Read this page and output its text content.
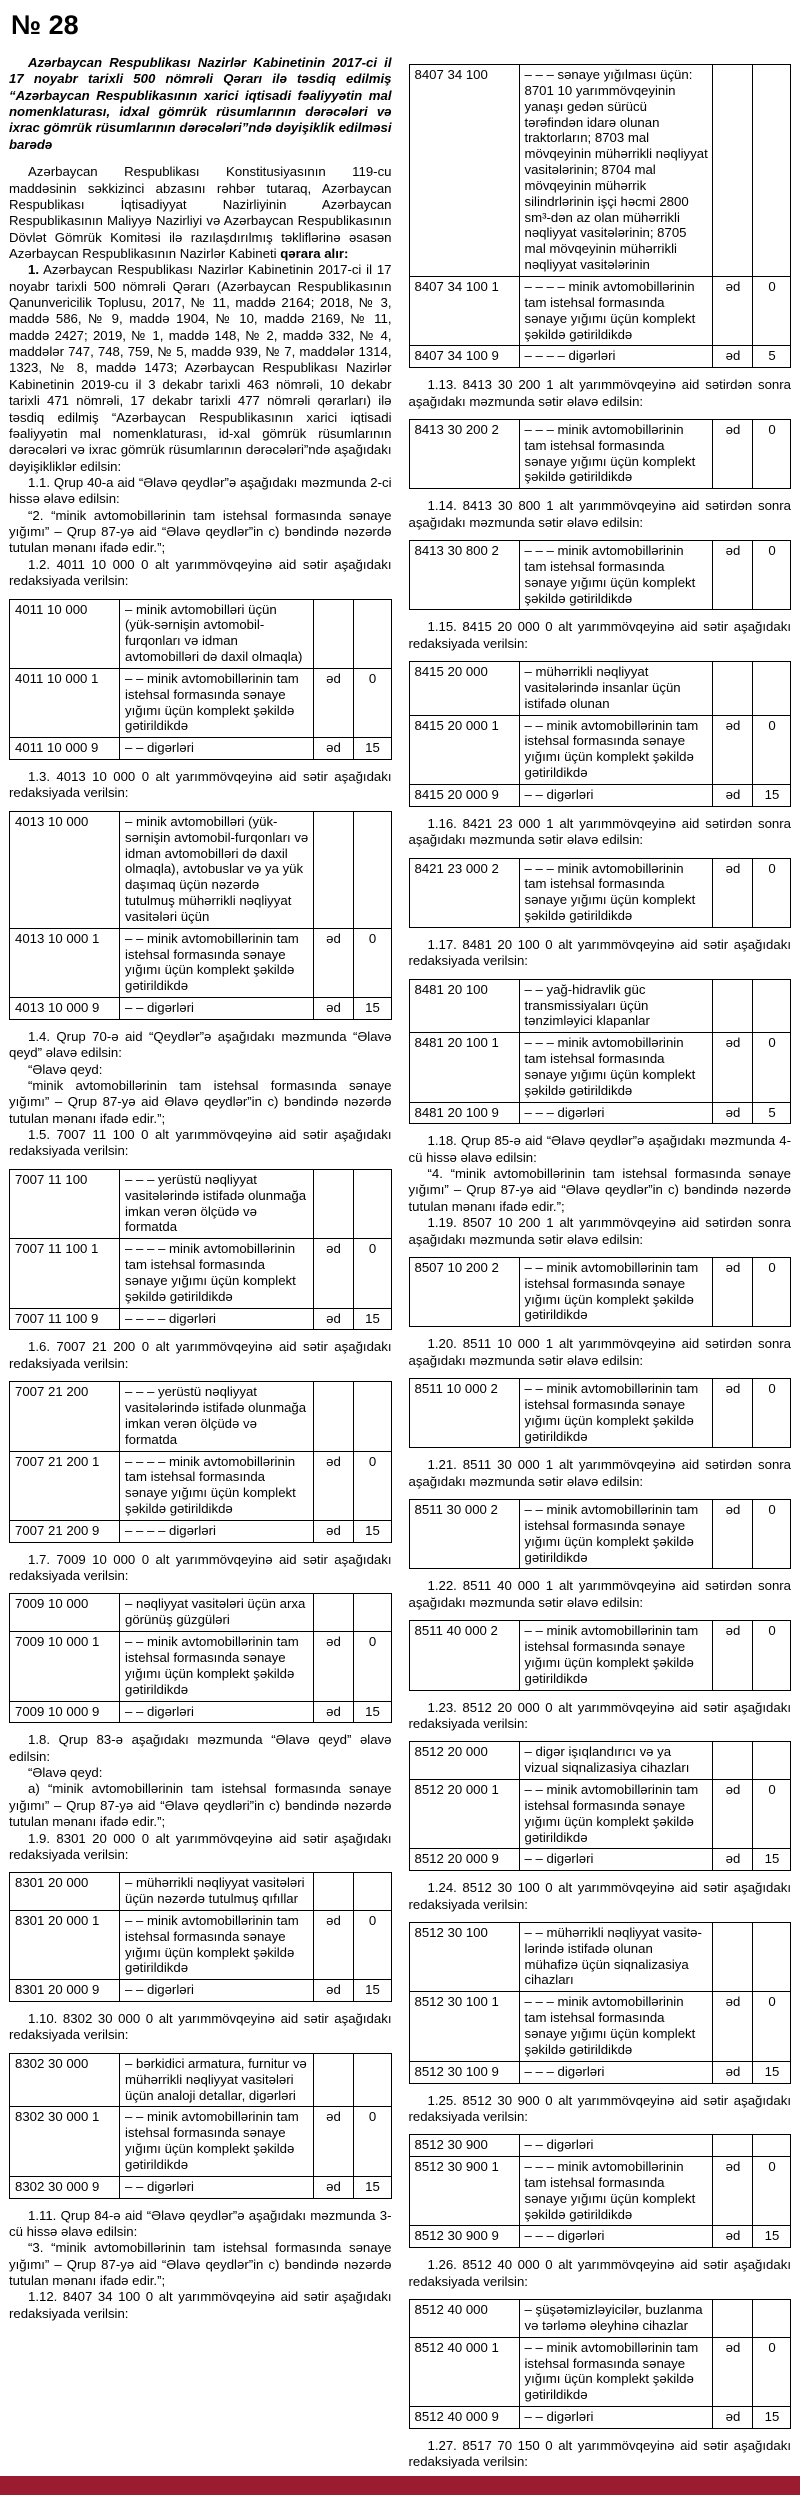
№ 28

Azərbaycan Respublikası Nazirlər Kabinetinin 2017-ci il 17 noyabr tarixli 500 nömrəli Qərarı ilə təsdiq edilmiş “Azərbaycan Respublikasının xarici iqtisadi fəaliyyətin mal nomenklaturası, idxal gömrük rüsumlarının dərəcələri və ixrac gömrük rüsumlarının dərəcələri”ndə dəyişiklik edilməsi barədə

Azərbaycan Respublikası Konstitusiyasının 119-cu maddəsinin səkkizinci abzasını rəhbər tutaraq, Azərbaycan Respublikası İqtisadiyyat Nazirliyinin Azərbaycan Respublikasının Maliyyə Nazirliyi və Azərbaycan Respublikasının Dövlət Gömrük Komitəsi ilə razılaşdırılmış təkliflərinə əsasən Azərbaycan Respublikasının Nazirlər Kabineti qərara alır:

1. Azərbaycan Respublikası Nazirlər Kabinetinin 2017-ci il 17 noyabr tarixli 500 nömrəli Qərarı (Azərbaycan Respublikasının Qanunvericilik Toplusu, 2017, № 11, maddə 2164; 2018, № 3, maddə 586, № 9, maddə 1904, № 10, maddə 2169, № 11, maddə 2427; 2019, № 1, maddə 148, № 2, maddə 332, № 4, maddələr 747, 748, 759, № 5, maddə 939, № 7, maddələr 1314, 1323, № 8, maddə 1473; Azərbaycan Respublikası Nazirlər Kabinetinin 2019-cu il 3 dekabr tarixli 463 nömrəli, 10 dekabr tarixli 471 nömrəli, 17 dekabr tarixli 477 nömrəli qərarları) ilə təsdiq edilmiş “Azərbaycan Respublikasının xarici iqtisadi fəaliyyətin mal nomenklaturası, id-xal gömrük rüsumlarının dərəcələri və ixrac gömrük rüsumlarının dərəcələri”ndə aşağıdakı dəyişikliklər edilsin:

1.1. Qrup 40-a aid “Əlavə qeydlər”ə aşağıdakı məzmunda 2-ci hissə əlavə edilsin:

“2. “minik avtomobillərinin tam istehsal formasında sənaye yığımı” – Qrup 87-yə aid “Əlavə qeydlər”in c) bəndində nəzərdə tutulan mənanı ifadə edir.”;

1.2. 4011 10 000 0 alt yarımmövqeyinə aid sətir aşağıdakı redaksiyada verilsin:

4011 10 000	– minik avtomobilləri üçün (yük-sərnişin avtomobil-furqonları və idman avtomobilləri də daxil olmaqla)		
4011 10 000 1	– – minik avtomobillərinin tam istehsal formasında sənaye yığımı üçün komplekt şəkildə gətirildikdə	əd	0
4011 10 000 9	– – digərləri	əd	15

1.3. 4013 10 000 0 alt yarımmövqeyinə aid sətir aşağıdakı redaksiyada verilsin:

4013 10 000	– minik avtomobilləri (yük-sərnişin avtomobil-furqonları və idman avtomobilləri də daxil olmaqla), avtobuslar və ya yük daşımaq üçün nəzərdə tutulmuş mühərrikli nəqliyyat vasitələri üçün		
4013 10 000 1	– – minik avtomobillərinin tam istehsal formasında sənaye yığımı üçün komplekt şəkildə gətirildikdə	əd	0
4013 10 000 9	– – digərləri	əd	15

1.4. Qrup 70-ə aid “Qeydlər”ə aşağıdakı məzmunda “Əlavə qeyd” əlavə edilsin:

“Əlavə qeyd:

“minik avtomobillərinin tam istehsal formasında sənaye yığımı” – Qrup 87-yə aid Əlavə qeydlər”in c) bəndində nəzərdə tutulan mənanı ifadə edir.”;

1.5. 7007 11 100 0 alt yarımmövqeyinə aid sətir aşağıdakı redaksiyada verilsin:

7007 11 100	– – – yerüstü nəqliyyat vasitələrində istifadə olunmağa imkan verən ölçüdə və formatda		
7007 11 100 1	– – – – minik avtomobillərinin tam istehsal formasında sənaye yığımı üçün komplekt şəkildə gətirildikdə	əd	0
7007 11 100 9	– – – – digərləri	əd	15

1.6. 7007 21 200 0 alt yarımmövqeyinə aid sətir aşağıdakı redaksiyada verilsin:

7007 21 200	– – – yerüstü nəqliyyat vasitələrində istifadə olunmağa imkan verən ölçüdə və formatda		
7007 21 200 1	– – – – minik avtomobillərinin tam istehsal formasında sənaye yığımı üçün komplekt şəkildə gətirildikdə	əd	0
7007 21 200 9	– – – – digərləri	əd	15

1.7. 7009 10 000 0 alt yarımmövqeyinə aid sətir aşağıdakı redaksiyada verilsin:

7009 10 000	– nəqliyyat vasitələri üçün arxa görünüş güzgüləri		
7009 10 000 1	– – minik avtomobillərinin tam istehsal formasında sənaye yığımı üçün komplekt şəkildə gətirildikdə	əd	0
7009 10 000 9	– – digərləri	əd	15

1.8. Qrup 83-ə aşağıdakı məzmunda “Əlavə qeyd” əlavə edilsin:

“Əlavə qeyd:

a) “minik avtomobillərinin tam istehsal formasında sənaye yığımı” – Qrup 87-yə aid “Əlavə qeydləri”in c) bəndində nəzərdə tutulan mənanı ifadə edir.”;

1.9. 8301 20 000 0 alt yarımmövqeyinə aid sətir aşağıdakı redaksiyada verilsin:

8301 20 000	– mühərrikli nəqliyyat vasitələri üçün nəzərdə tutulmuş qıfıllar		
8301 20 000 1	– – minik avtomobillərinin tam istehsal formasında sənaye yığımı üçün komplekt şəkildə gətirildikdə	əd	0
8301 20 000 9	– – digərləri	əd	15

1.10. 8302 30 000 0 alt yarımmövqeyinə aid sətir aşağıdakı redaksiyada verilsin:

8302 30 000	– bərkidici armatura, furnitur və mühərrikli nəqliyyat vasitələri üçün analoji detallar, digərləri		
8302 30 000 1	– – minik avtomobillərinin tam istehsal formasında sənaye yığımı üçün komplekt şəkildə gətirildikdə	əd	0
8302 30 000 9	– – digərləri	əd	15

1.11. Qrup 84-ə aid “Əlavə qeydlər”ə aşağıdakı məzmunda 3-cü hissə əlavə edilsin:

“3. “minik avtomobillərinin tam istehsal formasında sənaye yığımı” – Qrup 87-yə aid “Əlavə qeydlər”in c) bəndində nəzərdə tutulan mənanı ifadə edir.”;

1.12. 8407 34 100 0 alt yarımmövqeyinə aid sətir aşağıdakı redaksiyada verilsin:

8407 34 100	– – – sənaye yığılması üçün: 8701 10 yarımmövqeyinin yanaşı gedən sürücü tərəfindən idarə olunan traktorların; 8703 mal mövqeyinin mühərrikli nəqliyyat vasitələrinin; 8704 mal mövqeyinin mühərrik silindrlərinin işçi həcmi 2800 sm³-dən az olan mühərrikli nəqliyyat vasitələrinin; 8705 mal mövqeyinin mühərrikli nəqliyyat vasitələrinin		
8407 34 100 1	– – – – minik avtomobillərinin tam istehsal formasında sənaye yığımı üçün komplekt şəkildə gətirildikdə	əd	0
8407 34 100 9	– – – – digərləri	əd	5

1.13. 8413 30 200 1 alt yarımmövqeyinə aid sətirdən sonra aşağıdakı məzmunda sətir əlavə edilsin:

8413 30 200 2	– – – minik avtomobillərinin tam istehsal formasında sənaye yığımı üçün komplekt şəkildə gətirildikdə	əd	0

1.14. 8413 30 800 1 alt yarımmövqeyinə aid sətirdən sonra aşağıdakı məzmunda sətir əlavə edilsin:

8413 30 800 2	– – – minik avtomobillərinin tam istehsal formasında sənaye yığımı üçün komplekt şəkildə gətirildikdə	əd	0

1.15. 8415 20 000 0 alt yarımmövqeyinə aid sətir aşağıdakı redaksiyada verilsin:

8415 20 000	– mühərrikli nəqliyyat vasitələrində insanlar üçün istifadə olunan		
8415 20 000 1	– – minik avtomobillərinin tam istehsal formasında sənaye yığımı üçün komplekt şəkildə gətirildikdə	əd	0
8415 20 000 9	– – digərləri	əd	15

1.16. 8421 23 000 1 alt yarımmövqeyinə aid sətirdən sonra aşağıdakı məzmunda sətir əlavə edilsin:

8421 23 000 2	– – – minik avtomobillərinin tam istehsal formasında sənaye yığımı üçün komplekt şəkildə gətirildikdə	əd	0

1.17. 8481 20 100 0 alt yarımmövqeyinə aid sətir aşağıdakı redaksiyada verilsin:

8481 20 100	– – yağ-hidravlik güc transmissiyaları üçün tənzimləyici klapanlar		
8481 20 100 1	– – – minik avtomobillərinin tam istehsal formasında sənaye yığımı üçün komplekt şəkildə gətirildikdə	əd	0
8481 20 100 9	– – – digərləri	əd	5

1.18. Qrup 85-ə aid “Əlavə qeydlər”ə aşağıdakı məzmunda 4-cü hissə əlavə edilsin:

“4. “minik avtomobillərinin tam istehsal formasında sənaye yığımı” – Qrup 87-yə aid “Əlavə qeydlər”in c) bəndində nəzərdə tutulan mənanı ifadə edir.”;

1.19. 8507 10 200 1 alt yarımmövqeyinə aid sətirdən sonra aşağıdakı məzmunda sətir əlavə edilsin:

8507 10 200 2	– – minik avtomobillərinin tam istehsal formasında sənaye yığımı üçün komplekt şəkildə gətirildikdə	əd	0

1.20. 8511 10 000 1 alt yarımmövqeyinə aid sətirdən sonra aşağıdakı məzmunda sətir əlavə edilsin:

8511 10 000 2	– – minik avtomobillərinin tam istehsal formasında sənaye yığımı üçün komplekt şəkildə gətirildikdə	əd	0

1.21. 8511 30 000 1 alt yarımmövqeyinə aid sətirdən sonra aşağıdakı məzmunda sətir əlavə edilsin:

8511 30 000 2	– – minik avtomobillərinin tam istehsal formasında sənaye yığımı üçün komplekt şəkildə gətirildikdə	əd	0

1.22. 8511 40 000 1 alt yarımmövqeyinə aid sətirdən sonra aşağıdakı məzmunda sətir əlavə edilsin:

8511 40 000 2	– – minik avtomobillərinin tam istehsal formasında sənaye yığımı üçün komplekt şəkildə gətirildikdə	əd	0

1.23. 8512 20 000 0 alt yarımmövqeyinə aid sətir aşağıdakı redaksiyada verilsin:

8512 20 000	– digər işıqlandırıcı və ya vizual siqnalizasiya cihazları		
8512 20 000 1	– – minik avtomobillərinin tam istehsal formasında sənaye yığımı üçün komplekt şəkildə gətirildikdə	əd	0
8512 20 000 9	– – digərləri	əd	15

1.24. 8512 30 100 0 alt yarımmövqeyinə aid sətir aşağıdakı redaksiyada verilsin:

8512 30 100	– – mühərrikli nəqliyyat vasitə-lərində istifadə olunan mühafizə üçün siqnalizasiya cihazları		
8512 30 100 1	– – – minik avtomobillərinin tam istehsal formasında sənaye yığımı üçün komplekt şəkildə gətirildikdə	əd	0
8512 30 100 9	– – – digərləri	əd	15

1.25. 8512 30 900 0 alt yarımmövqeyinə aid sətir aşağıdakı redaksiyada verilsin:

8512 30 900	– – digərləri		
8512 30 900 1	– – – minik avtomobillərinin tam istehsal formasında sənaye yığımı üçün komplekt şəkildə gətirildikdə	əd	0
8512 30 900 9	– – – digərləri	əd	15

1.26. 8512 40 000 0 alt yarımmövqeyinə aid sətir aşağıdakı redaksiyada verilsin:

8512 40 000	– şüşətəmizləyicilər, buzlanma və tərləmə əleyhinə cihazlar		
8512 40 000 1	– – minik avtomobillərinin tam istehsal formasında sənaye yığımı üçün komplekt şəkildə gətirildikdə	əd	0
8512 40 000 9	– – digərləri	əd	15

1.27. 8517 70 150 0 alt yarımmövqeyinə aid sətir aşağıdakı redaksiyada verilsin:
